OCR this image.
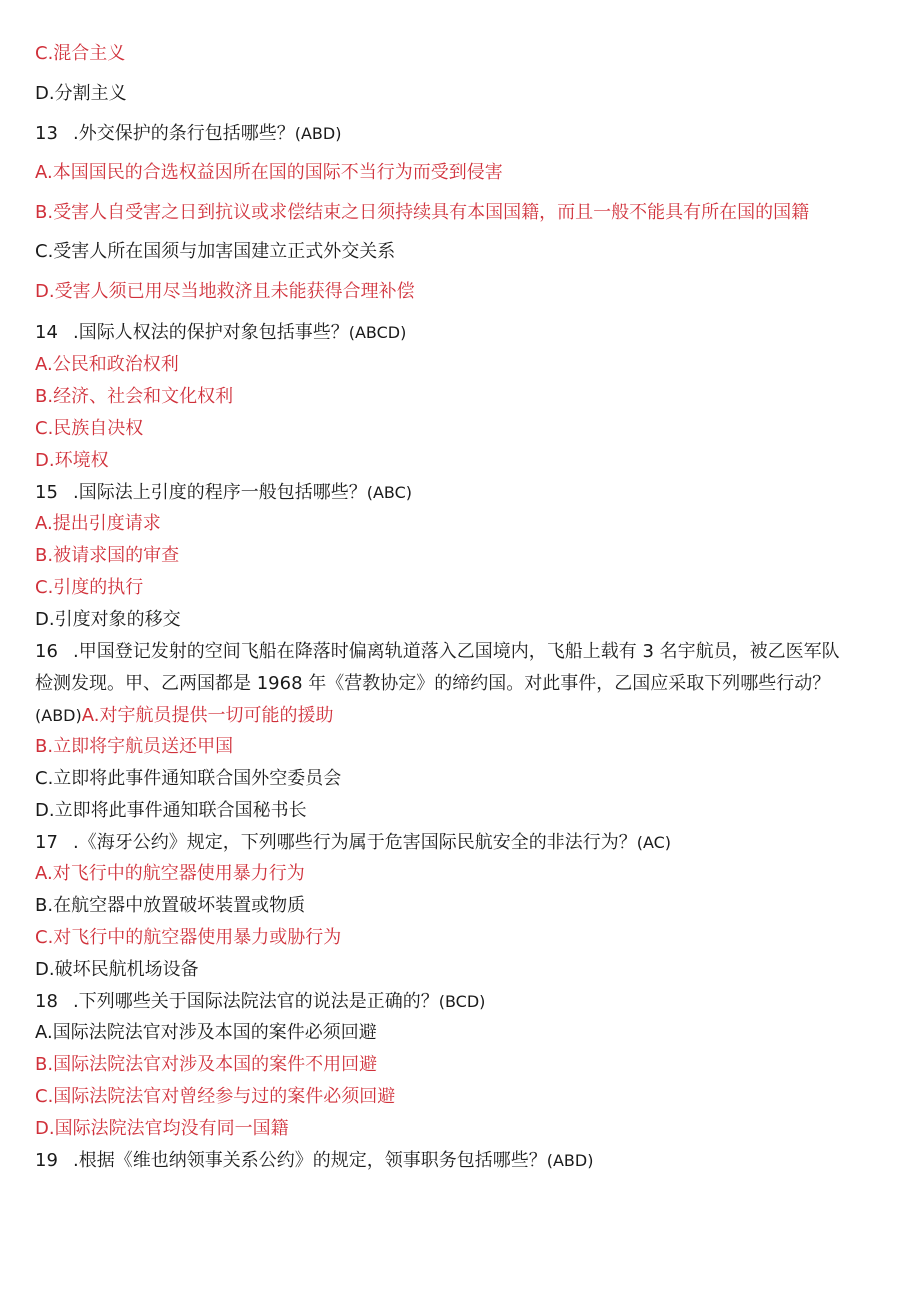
C.混合主义
D.分割主义
13 .外交保护的条行包括哪些？(ABD)
A.本国国民的合选权益因所在国的国际不当行为而受到侵害
B.受害人自受害之日到抗议或求偿结束之日须持续具有本国国籍，而且一般不能具有所在国的国籍
C.受害人所在国须与加害国建立正式外交关系
D.受害人须已用尽当地救济且未能获得合理补偿
14 .国际人权法的保护对象包括事些？(ABCD)
A.公民和政治权利
B.经济、社会和文化权利
C.民族自决权
D.环境权
15 .国际法上引度的程序一般包括哪些？(ABC)
A.提出引度请求
B.被请求国的审查
C.引度的执行
D.引度对象的移交
16 .甲国登记发射的空间飞船在降落时偏离轨道落入乙国境内，飞船上载有 3 名宇航员，被乙医军队
检测发现。甲、乙两国都是 1968 年《营教协定》的缔约国。对此事件，乙国应采取下列哪些行动？
(ABD)A.对宇航员提供一切可能的援助
B.立即将宇航员送还甲国
C.立即将此事件通知联合国外空委员会
D.立即将此事件通知联合国秘书长
17 .《海牙公约》规定，下列哪些行为属于危害国际民航安全的非法行为？(AC)
A.对飞行中的航空器使用暴力行为
B.在航空器中放置破坏装置或物质
C.对飞行中的航空器使用暴力或胁行为
D.破坏民航机场设备
18 .下列哪些关于国际法院法官的说法是正确的？(BCD)
A.国际法院法官对涉及本国的案件必须回避
B.国际法院法官对涉及本国的案件不用回避
C.国际法院法官对曾经参与过的案件必须回避
D.国际法院法官均没有同一国籍
19 .根据《维也纳领事关系公约》的规定，领事职务包括哪些？(ABD)
